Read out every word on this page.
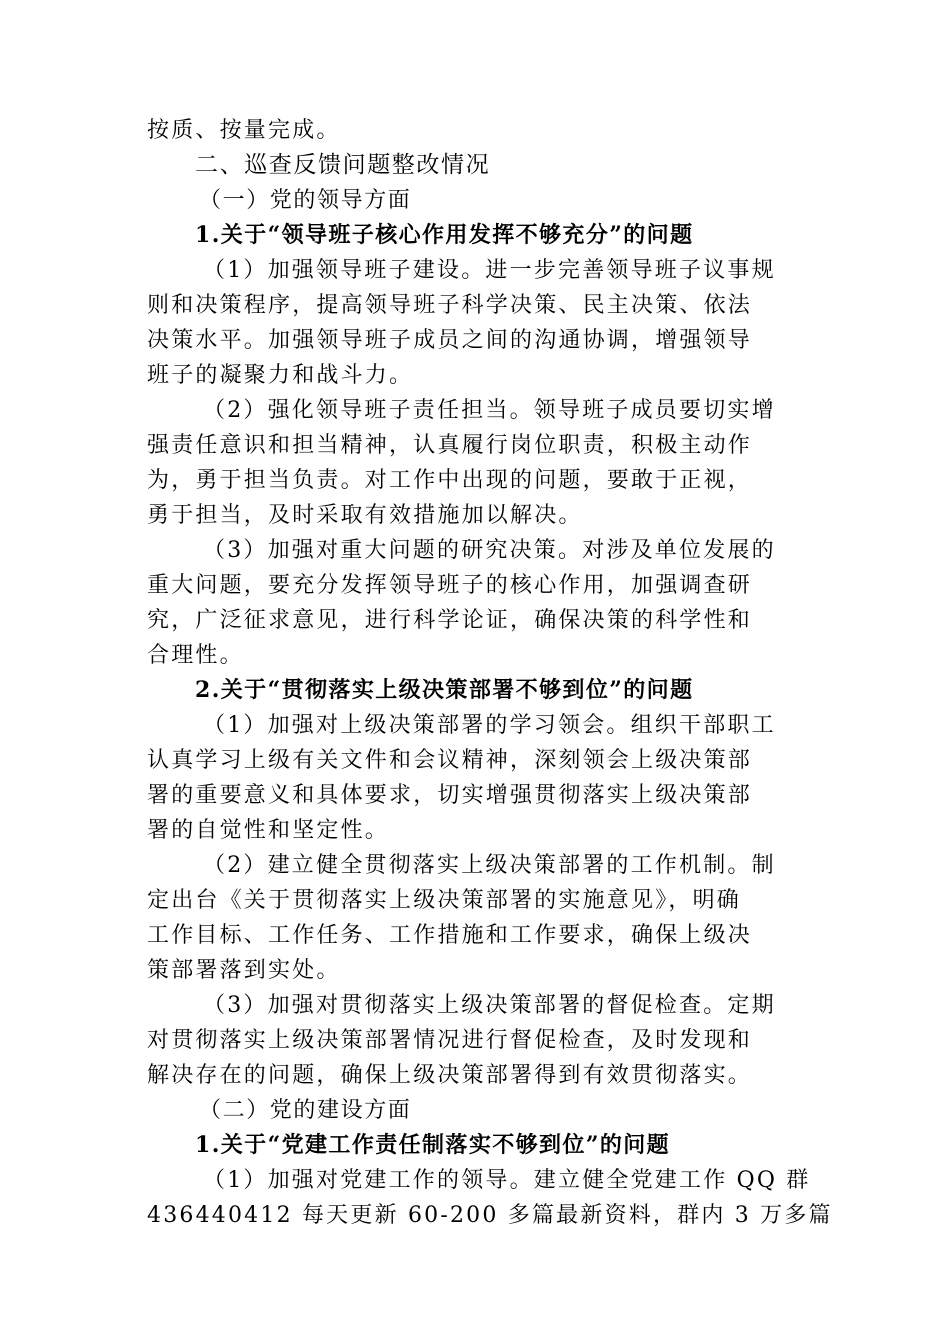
按质、按量完成。
二、巡查反馈问题整改情况
（一）党的领导方面
1.关于“领导班子核心作用发挥不够充分”的问题
（1）加强领导班子建设。进一步完善领导班子议事规
则和决策程序，提高领导班子科学决策、民主决策、依法
决策水平。加强领导班子成员之间的沟通协调，增强领导
班子的凝聚力和战斗力。
（2）强化领导班子责任担当。领导班子成员要切实增
强责任意识和担当精神，认真履行岗位职责，积极主动作
为，勇于担当负责。对工作中出现的问题，要敢于正视，
勇于担当，及时采取有效措施加以解决。
（3）加强对重大问题的研究决策。对涉及单位发展的
重大问题，要充分发挥领导班子的核心作用，加强调查研
究，广泛征求意见，进行科学论证，确保决策的科学性和
合理性。
2.关于“贯彻落实上级决策部署不够到位”的问题
（1）加强对上级决策部署的学习领会。组织干部职工
认真学习上级有关文件和会议精神，深刻领会上级决策部
署的重要意义和具体要求，切实增强贯彻落实上级决策部
署的自觉性和坚定性。
（2）建立健全贯彻落实上级决策部署的工作机制。制
定出台《关于贯彻落实上级决策部署的实施意见》，明确
工作目标、工作任务、工作措施和工作要求，确保上级决
策部署落到实处。
（3）加强对贯彻落实上级决策部署的督促检查。定期
对贯彻落实上级决策部署情况进行督促检查，及时发现和
解决存在的问题，确保上级决策部署得到有效贯彻落实。
（二）党的建设方面
1.关于“党建工作责任制落实不够到位”的问题
（1）加强对党建工作的领导。建立健全党建工作 QQ 群
436440412 每天更新 60-200 多篇最新资料，群内 3 万多篇
